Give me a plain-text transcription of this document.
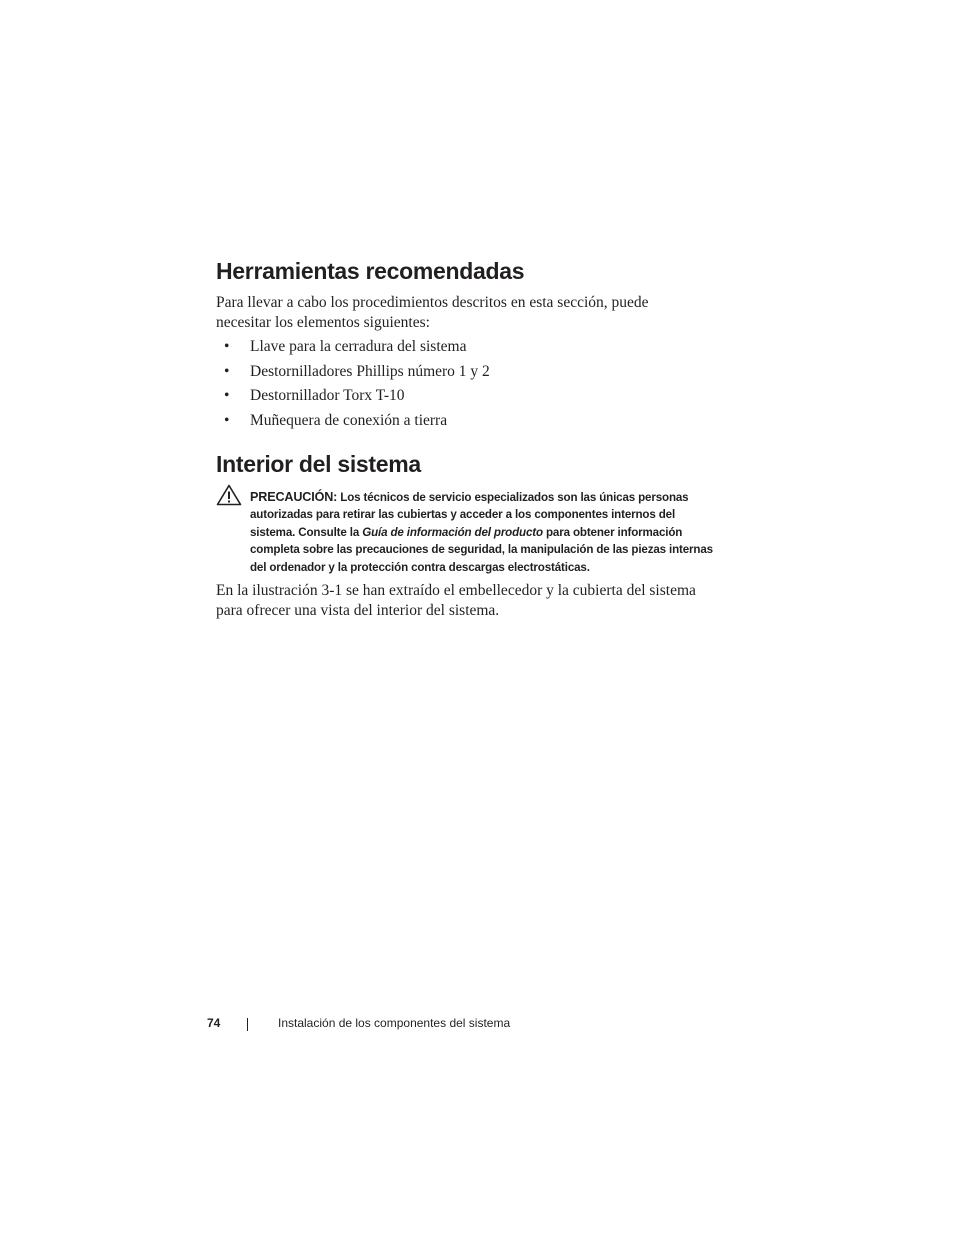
Herramientas recomendadas

Para llevar a cabo los procedimientos descritos en esta sección, puede
necesitar los elementos siguientes:

• Llave para la cerradura del sistema
• Destornilladores Phillips número 1 y 2
• Destornillador Torx T-10
• Muñequera de conexión a tierra
Interior del sistema
PRECAUCIÓN: Los técnicos de servicio especializados son las únicas personas autorizadas para retirar las cubiertas y acceder a los componentes internos del sistema. Consulte la Guía de información del producto para obtener información completa sobre las precauciones de seguridad, la manipulación de las piezas internas del ordenador y la protección contra descargas electrostáticas.

En la ilustración 3-1 se han extraído el embellecedor y la cubierta del sistema
para ofrecer una vista del interior del sistema.

74	Instalación de los componentes del sistema
